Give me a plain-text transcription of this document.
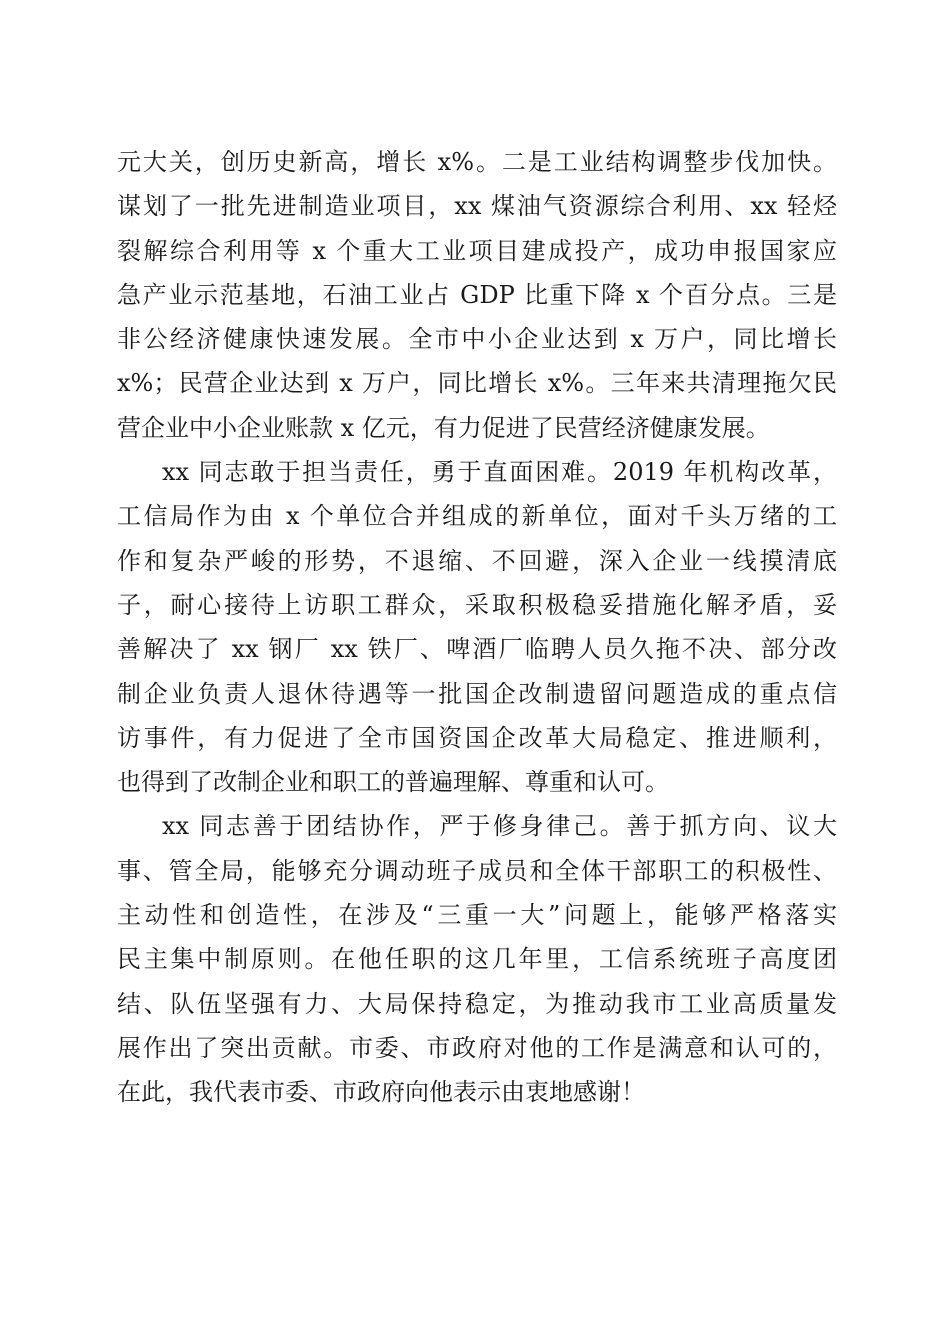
元大关，创历史新高，增长 x%。二是工业结构调整步伐加快。
谋划了一批先进制造业项目，xx 煤油气资源综合利用、xx 轻烃
裂解综合利用等 x 个重大工业项目建成投产，成功申报国家应
急产业示范基地，石油工业占 GDP 比重下降 x 个百分点。三是
非公经济健康快速发展。全市中小企业达到 x 万户，同比增长
x%；民营企业达到 x 万户，同比增长 x%。三年来共清理拖欠民
营企业中小企业账款 x 亿元，有力促进了民营经济健康发展。
xx 同志敢于担当责任，勇于直面困难。2019 年机构改革，
工信局作为由 x 个单位合并组成的新单位，面对千头万绪的工
作和复杂严峻的形势，不退缩、不回避，深入企业一线摸清底
子，耐心接待上访职工群众，采取积极稳妥措施化解矛盾，妥
善解决了 xx 钢厂 xx 铁厂、啤酒厂临聘人员久拖不决、部分改
制企业负责人退休待遇等一批国企改制遗留问题造成的重点信
访事件，有力促进了全市国资国企改革大局稳定、推进顺利，
也得到了改制企业和职工的普遍理解、尊重和认可。
xx 同志善于团结协作，严于修身律己。善于抓方向、议大
事、管全局，能够充分调动班子成员和全体干部职工的积极性、
主动性和创造性，在涉及“三重一大”问题上，能够严格落实
民主集中制原则。在他任职的这几年里，工信系统班子高度团
结、队伍坚强有力、大局保持稳定，为推动我市工业高质量发
展作出了突出贡献。市委、市政府对他的工作是满意和认可的，
在此，我代表市委、市政府向他表示由衷地感谢！
